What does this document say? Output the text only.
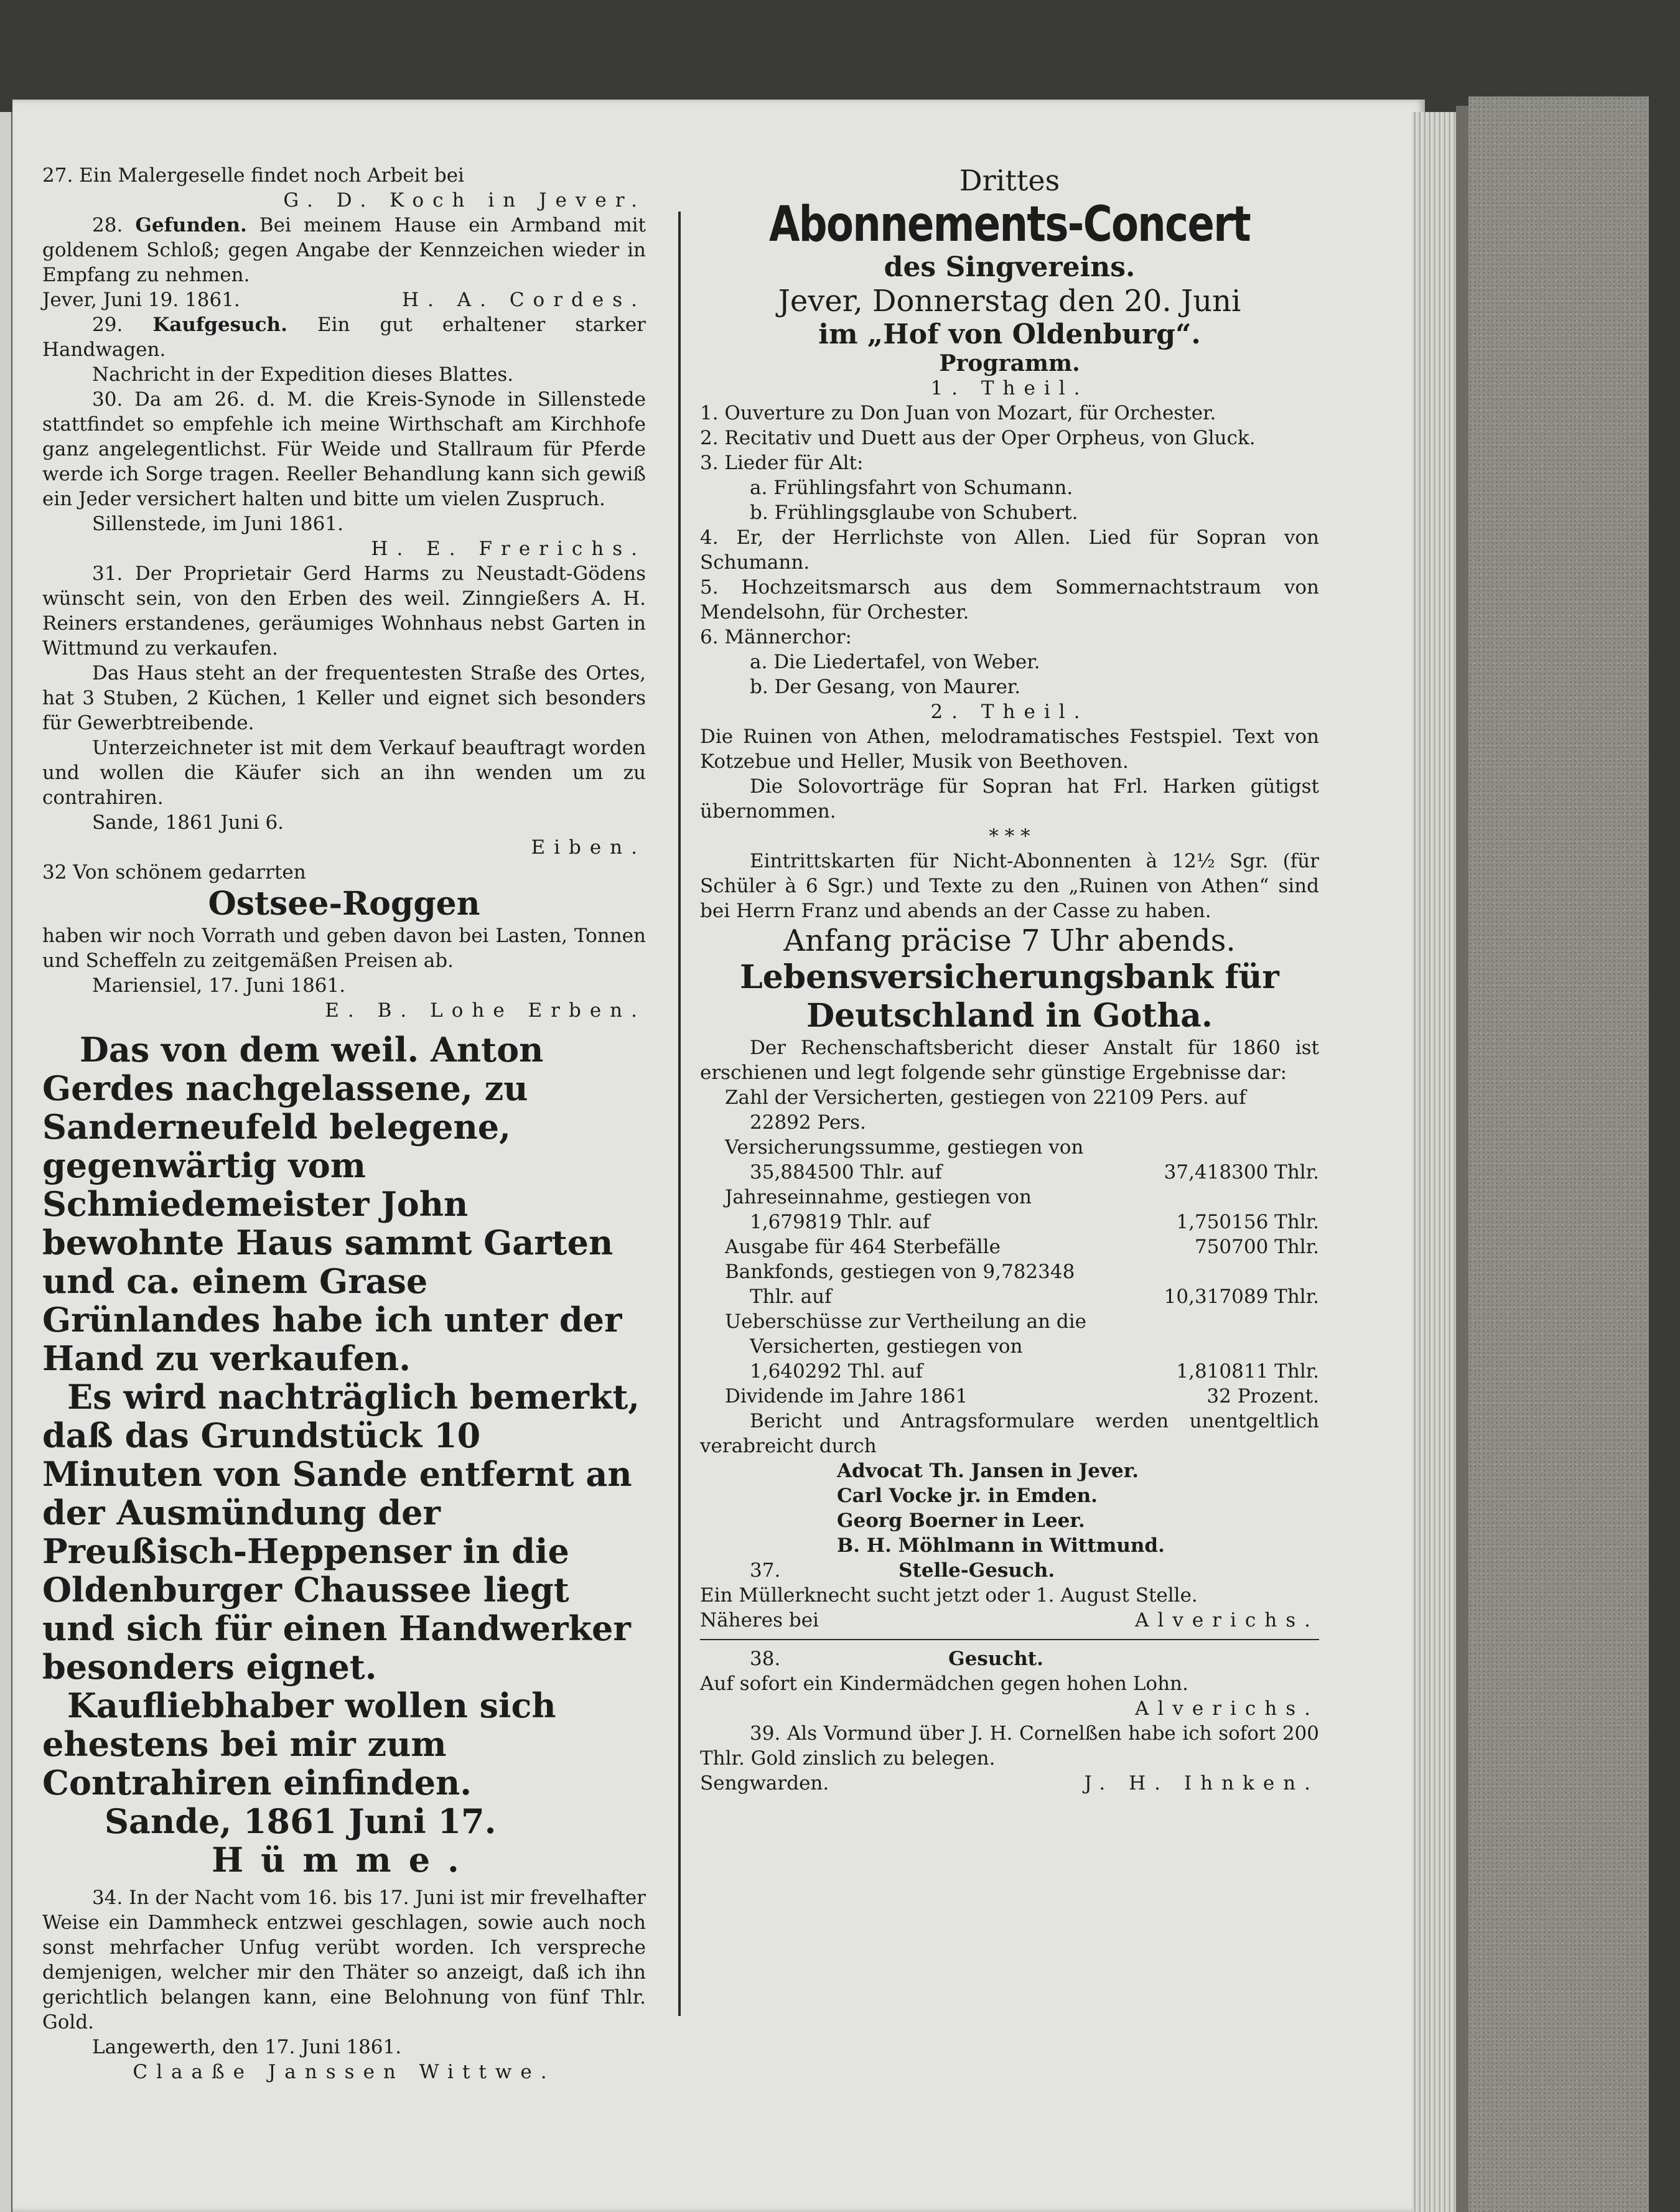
27. Ein Malergeselle findet noch Arbeit bei

G. D. Koch in Jever.

28. Gefunden. Bei meinem Hause ein Armband mit goldenem Schloß; gegen Angabe der Kennzeichen wieder in Empfang zu nehmen.

Jever, Juni 19. 1861.	H. A. Cordes.

29. Kaufgesuch. Ein gut erhaltener starker Handwagen.

Nachricht in der Expedition dieses Blattes.

30. Da am 26. d. M. die Kreis-Synode in Sillenstede stattfindet so empfehle ich meine Wirthschaft am Kirchhofe ganz angelegentlichst. Für Weide und Stallraum für Pferde werde ich Sorge tragen. Reeller Behandlung kann sich gewiß ein Jeder versichert halten und bitte um vielen Zuspruch.

Sillenstede, im Juni 1861.

H. E. Frerichs.

31. Der Proprietair Gerd Harms zu Neustadt-Gödens wünscht sein, von den Erben des weil. Zinngießers A. H. Reiners erstandenes, geräumiges Wohnhaus nebst Garten in Wittmund zu verkaufen.

Das Haus steht an der frequentesten Straße des Ortes, hat 3 Stuben, 2 Küchen, 1 Keller und eignet sich besonders für Gewerbtreibende.

Unterzeichneter ist mit dem Verkauf beauftragt worden und wollen die Käufer sich an ihn wenden um zu contrahiren.

Sande, 1861 Juni 6.

Eiben.

32 Von schönem gedarrten

Ostsee-Roggen

haben wir noch Vorrath und geben davon bei Lasten, Tonnen und Scheffeln zu zeitgemäßen Preisen ab.

Mariensiel, 17. Juni 1861.

E. B. Lohe Erben.

Das von dem weil. Anton Gerdes nachgelassene, zu Sanderneufeld belegene, gegenwärtig vom Schmiedemeister John bewohnte Haus sammt Garten und ca. einem Grase Grünlandes habe ich unter der Hand zu verkaufen.

Es wird nachträglich bemerkt, daß das Grundstück 10 Minuten von Sande entfernt an der Ausmündung der Preußisch-Heppenser in die Oldenburger Chaussee liegt und sich für einen Handwerker besonders eignet.

Kaufliebhaber wollen sich ehestens bei mir zum Contrahiren einfinden.

Sande, 1861 Juni 17.

Hümme.

34. In der Nacht vom 16. bis 17. Juni ist mir frevelhafter Weise ein Dammheck entzwei geschlagen, sowie auch noch sonst mehrfacher Unfug verübt worden. Ich verspreche demjenigen, welcher mir den Thäter so anzeigt, daß ich ihn gerichtlich belangen kann, eine Belohnung von fünf Thlr. Gold.

Langewerth, den 17. Juni 1861.

Claaße Janssen Wittwe.

Drittes

Abonnements-Concert

des Singvereins.

Jever, Donnerstag den 20. Juni

im „Hof von Oldenburg“.

Programm.

1. Theil.

1. Ouverture zu Don Juan von Mozart, für Orchester.

2. Recitativ und Duett aus der Oper Orpheus, von Gluck.

3. Lieder für Alt:

a. Frühlingsfahrt von Schumann.

b. Frühlingsglaube von Schubert.

4. Er, der Herrlichste von Allen. Lied für Sopran von Schumann.

5. Hochzeitsmarsch aus dem Sommernachtstraum von Mendelsohn, für Orchester.

6. Männerchor:

a. Die Liedertafel, von Weber.

b. Der Gesang, von Maurer.

2. Theil.

Die Ruinen von Athen, melodramatisches Festspiel. Text von Kotzebue und Heller, Musik von Beethoven.

Die Solovorträge für Sopran hat Frl. Harken gütigst übernommen.

* * *

Eintrittskarten für Nicht-Abonnenten à 12½ Sgr. (für Schüler à 6 Sgr.) und Texte zu den „Ruinen von Athen“ sind bei Herrn Franz und abends an der Casse zu haben.

Anfang präcise 7 Uhr abends.

Lebensversicherungsbank für

Deutschland in Gotha.

Der Rechenschaftsbericht dieser Anstalt für 1860 ist erschienen und legt folgende sehr günstige Ergebnisse dar:

Zahl der Versicherten, gestiegen von 22109 Pers. auf

22892 Pers.

Versicherungssumme, gestiegen von

35,884500 Thlr. auf	37,418300 Thlr.

Jahreseinnahme, gestiegen von

1,679819 Thlr. auf	1,750156 Thlr.
Ausgabe für 464 Sterbefälle	750700 Thlr.

Bankfonds, gestiegen von 9,782348

Thlr. auf	10,317089 Thlr.

Ueberschüsse zur Vertheilung an die

Versicherten, gestiegen von

1,640292 Thl. auf	1,810811 Thlr.
Dividende im Jahre 1861	32 Prozent.

Bericht und Antragsformulare werden unentgeltlich verabreicht durch

Advocat Th. Jansen in Jever.

Carl Vocke jr. in Emden.

Georg Boerner in Leer.

B. H. Möhlmann in Wittmund.

37.	Stelle-Gesuch.

Ein Müllerknecht sucht jetzt oder 1. August Stelle.

Näheres bei	Alverichs.

38.	Gesucht.

Auf sofort ein Kindermädchen gegen hohen Lohn.

Alverichs.

39. Als Vormund über J. H. Cornelßen habe ich sofort 200 Thlr. Gold zinslich zu belegen.

Sengwarden.	J. H. Ihnken.
